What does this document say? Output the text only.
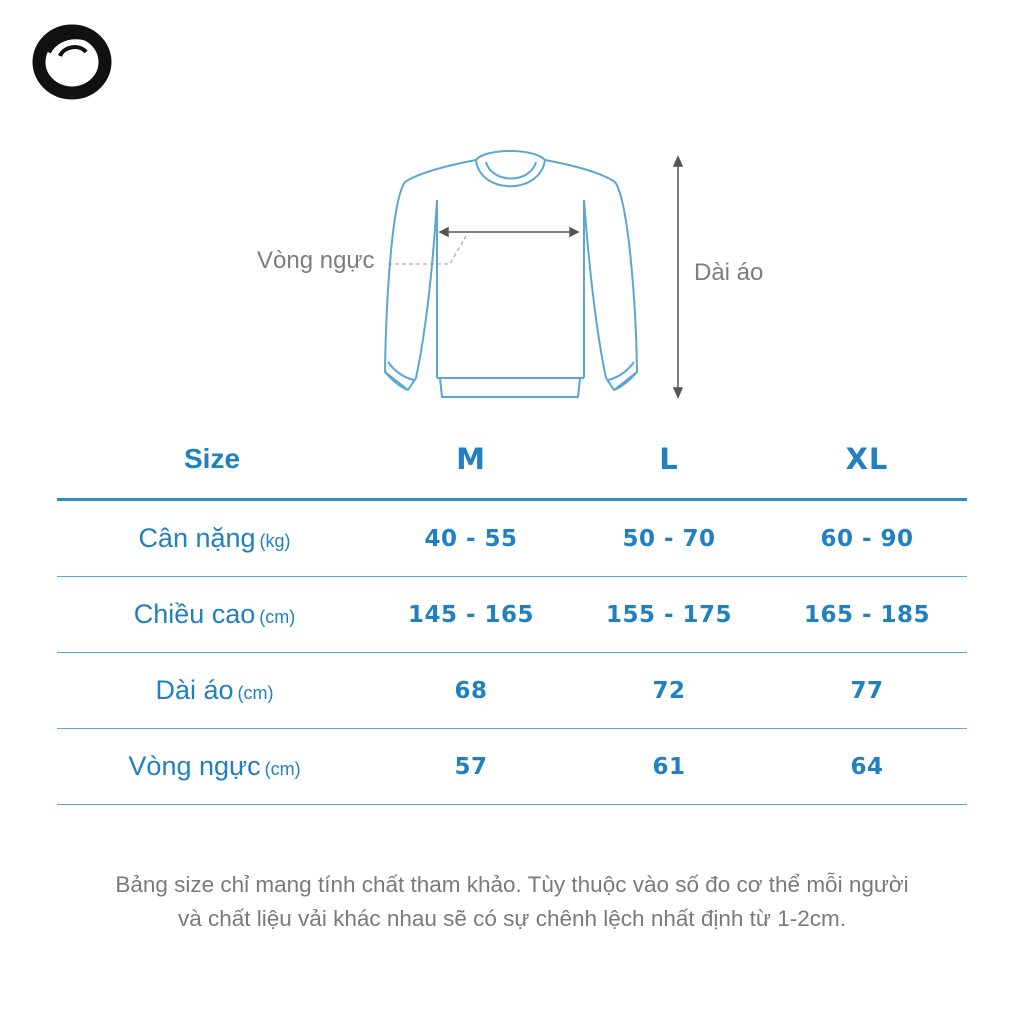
Vòng ngực	Dài áo
Size	M	L	XL
Cân nặng (kg)	40 - 55	50 - 70	60 - 90
Chiều cao (cm)	145 - 165	155 - 175	165 - 185
Dài áo (cm)	68	72	77
Vòng ngực (cm)	57	61	64
Bảng size chỉ mang tính chất tham khảo. Tùy thuộc vào số đo cơ thể mỗi người
và chất liệu vải khác nhau sẽ có sự chênh lệch nhất định từ 1-2cm.
